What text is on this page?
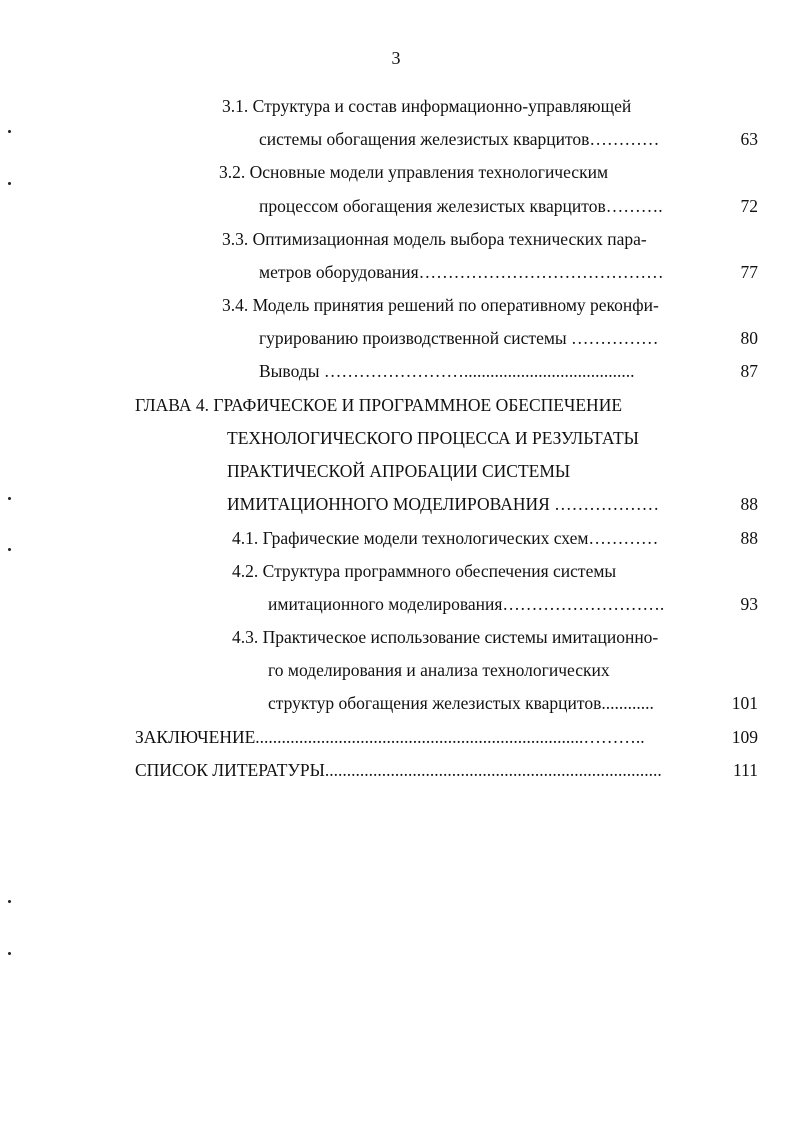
3
3.1. Структура и состав информационно-управляющей
системы обогащения железистых кварцитов…………	63
3.2. Основные модели управления технологическим
процессом обогащения железистых кварцитов……….	72
3.3. Оптимизационная модель выбора технических пара-
метров оборудования……………………………………	77
3.4. Модель принятия решений по оперативному реконфи-
гурированию производственной системы ……………	80
Выводы …………………….......................................	87
ГЛАВА 4. ГРАФИЧЕСКОЕ И ПРОГРАММНОЕ ОБЕСПЕЧЕНИЕ
ТЕХНОЛОГИЧЕСКОГО ПРОЦЕССА И РЕЗУЛЬТАТЫ
ПРАКТИЧЕСКОЙ АПРОБАЦИИ СИСТЕМЫ
ИМИТАЦИОННОГО МОДЕЛИРОВАНИЯ ………………	88
4.1. Графические модели технологических схем…………	88
4.2. Структура программного обеспечения системы
имитационного моделирования……………………….	93
4.3. Практическое использование системы имитационно-
го моделирования и анализа технологических
структур обогащения железистых кварцитов............	101
ЗАКЛЮЧЕНИЕ...........................................................................………..	109
СПИСОК ЛИТЕРАТУРЫ.............................................................................	111
